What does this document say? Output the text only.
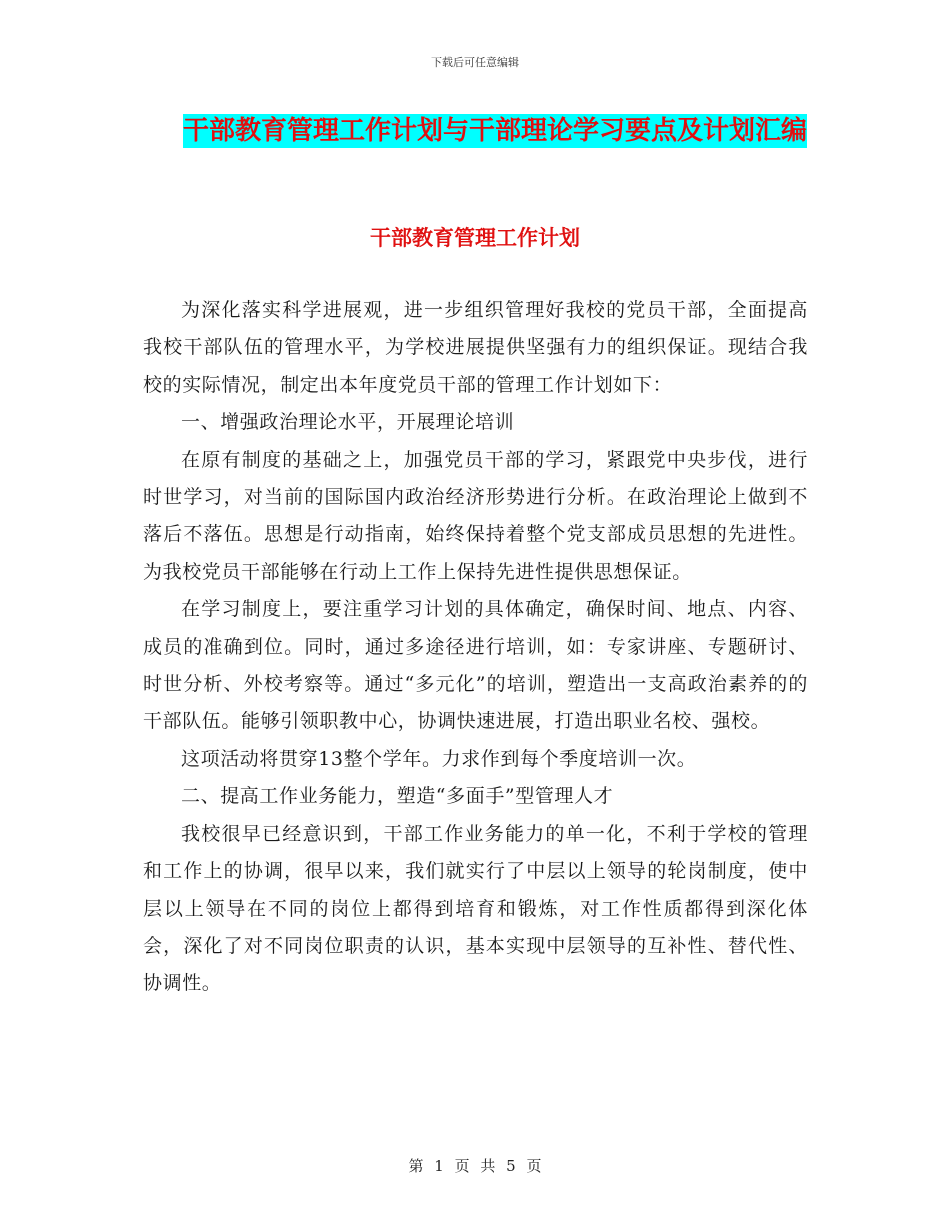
下载后可任意编辑
干部教育管理工作计划与干部理论学习要点及计划汇编
干部教育管理工作计划

为深化落实科学进展观，进一步组织管理好我校的党员干部，全面提高我校干部队伍的管理水平，为学校进展提供坚强有力的组织保证。现结合我校的实际情况，制定出本年度党员干部的管理工作计划如下：

一、增强政治理论水平，开展理论培训

在原有制度的基础之上，加强党员干部的学习，紧跟党中央步伐，进行时世学习，对当前的国际国内政治经济形势进行分析。在政治理论上做到不落后不落伍。思想是行动指南，始终保持着整个党支部成员思想的先进性。为我校党员干部能够在行动上工作上保持先进性提供思想保证。

在学习制度上，要注重学习计划的具体确定，确保时间、地点、内容、成员的准确到位。同时，通过多途径进行培训，如：专家讲座、专题研讨、时世分析、外校考察等。通过“多元化”的培训，塑造出一支高政治素养的的干部队伍。能够引领职教中心，协调快速进展，打造出职业名校、强校。

这项活动将贯穿13整个学年。力求作到每个季度培训一次。

二、提高工作业务能力，塑造“多面手”型管理人才

我校很早已经意识到，干部工作业务能力的单一化，不利于学校的管理和工作上的协调，很早以来，我们就实行了中层以上领导的轮岗制度，使中层以上领导在不同的岗位上都得到培育和锻炼，对工作性质都得到深化体会，深化了对不同岗位职责的认识，基本实现中层领导的互补性、替代性、协调性。

第 1 页 共 5 页
